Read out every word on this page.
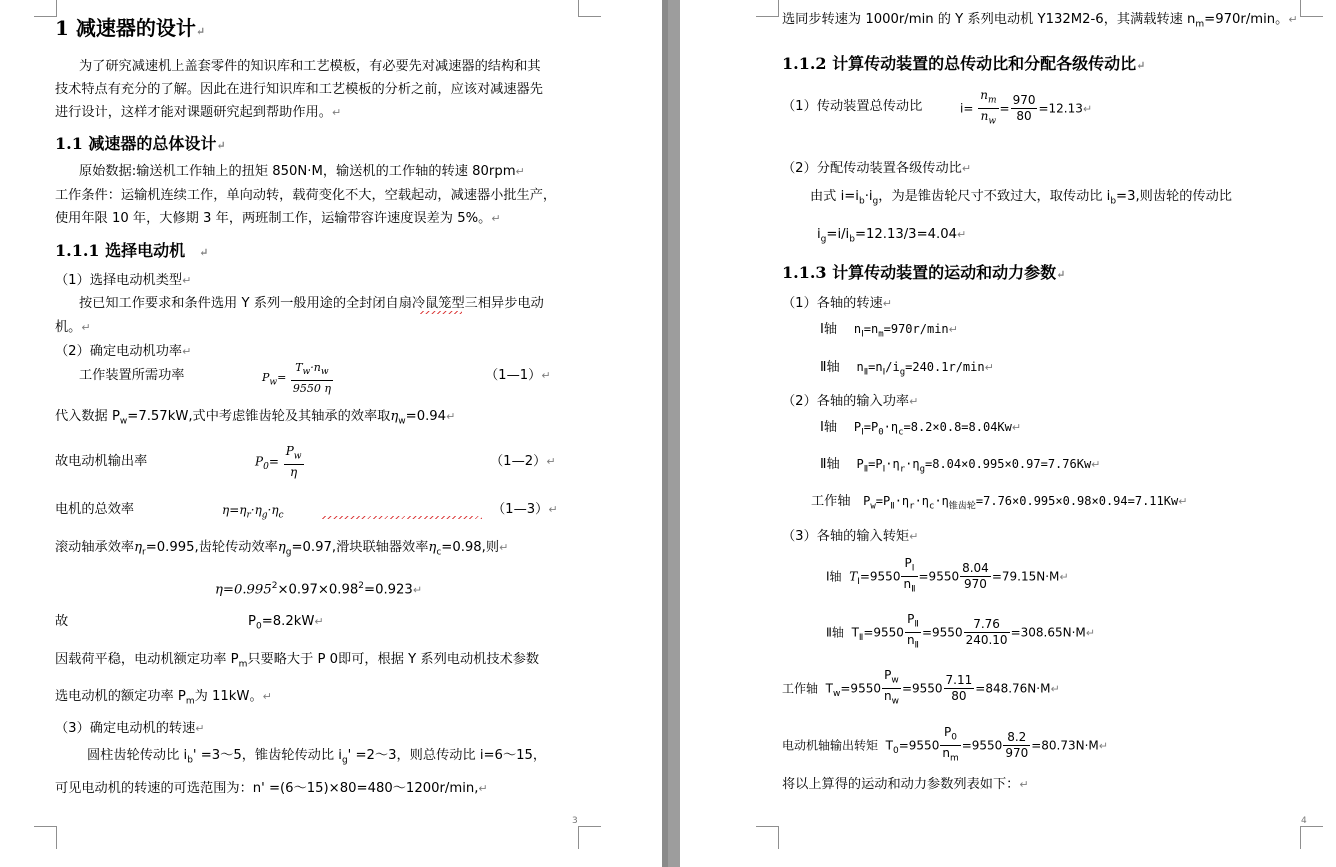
3
1 减速器的设计↵
为了研究减速机上盖套零件的知识库和工艺模板，有必要先对减速器的结构和其
技术特点有充分的了解。因此在进行知识库和工艺模板的分析之前，应该对减速器先
进行设计，这样才能对课题研究起到帮助作用。↵
1.1 减速器的总体设计↵
原始数据:输送机工作轴上的扭矩 850N·M，输送机的工作轴的转速 80rpm↵
工作条件：运输机连续工作，单向动转，载荷变化不大，空载起动，减速器小批生产，
使用年限 10 年，大修期 3 年，两班制工作，运输带容许速度误差为 5%。↵
1.1.1 选择电动机 ↵
（1）选择电动机类型↵
按已知工作要求和条件选用 Y 系列一般用途的全封闭自扇冷鼠笼型三相异步电动
机。↵
（2）确定电动机功率↵
工作装置所需功率	$P_w= \frac{T_w\cdot n_w}{9550 \eta}$	（1—1）↵
代入数据 $P_w=7.57kW$,式中考虑锥齿轮及其轴承的效率取$\eta_w=0.94↵$
故电动机输出率	$P_0= \frac{P_w}{\eta}$	（1—2）↵
电机的总效率	$\eta=\eta_r\cdot\eta_g\cdot\eta_c$	（1—3）↵
滚动轴承效率$\eta_r=0.995$,齿轮传动效率$\eta_g=0.97$,滑块联轴器效率$\eta_c=0.98$,则↵
$\eta=0.995^2\times 0.97\times 0.98^2=0.923↵$
故	$P_0=8.2kW↵$
因载荷平稳，电动机额定功率 $P_m$只要略大于 P 0即可，根据 Y 系列电动机技术参数
选电动机的额定功率 $P_m$为 11kW。↵
（3）确定电动机的转速↵
圆柱齿轮传动比 $i_b'$ =3～5，锥齿轮传动比 $i_g'$ =2～3，则总传动比 i=6～15，
可见电动机的转速的可选范围为：n' =(6～15)×80=480～1200r/min,↵
4
选同步转速为 1000r/min 的 Y 系列电动机 Y132M2-6，其满载转速 $n_m=970r/\min$。↵
1.1.2 计算传动装置的总传动比和分配各级传动比↵
（1）传动装置总传动比	$i= \frac{n_m}{n_w} = \frac{970}{80}$ =12.13↵
（2）分配传动装置各级传动比↵
由式 $i=i_b\cdot i_g$，为是锥齿轮尺寸不致过大，取传动比 $i_b=3$,则齿轮的传动比
$i_g=i/i_b=12.13/3=4.04↵$
1.1.3 计算传动装置的运动和动力参数↵
（1）各轴的转速↵
Ⅰ轴 $n_Ⅰ=n_m=970r/\min↵$
Ⅱ轴 $n_Ⅱ=n_Ⅰ/i_g=240.1r/\min↵$
（2）各轴的输入功率↵
Ⅰ轴 $P_Ⅰ=P_0\cdot\eta_c=8.2\times 0.8=8.04Kw↵$
Ⅱ轴 $P_Ⅱ=P_Ⅰ\cdot\eta_r\cdot\eta_g=8.04\times 0.995\times 0.97=7.76Kw↵$
工作轴 $P_w=P_Ⅱ\cdot\eta_r\cdot\eta_c\cdot\eta_{锥齿轮}=7.76\times 0.995\times 0.98\times 0.94=7.11Kw↵$
（3）各轴的输入转矩↵
Ⅰ轴 $T_Ⅰ=9550 \frac{P_Ⅰ}{n_Ⅱ} =9550 \frac{8.04}{970}$ =79.15N·M↵
Ⅱ轴 $T_Ⅱ=9550 \frac{P_Ⅱ}{n_Ⅱ} =9550 \frac{7.76}{240.10}$ =308.65N·M↵
工作轴 $T_w=9550 \frac{P_w}{n_w} =9550 \frac{7.11}{80}$ =848.76N·M↵
电动机轴输出转矩 $T_0=9550 \frac{P_0}{n_m} =9550 \frac{8.2}{970}$ =80.73N·M↵
将以上算得的运动和动力参数列表如下：↵
